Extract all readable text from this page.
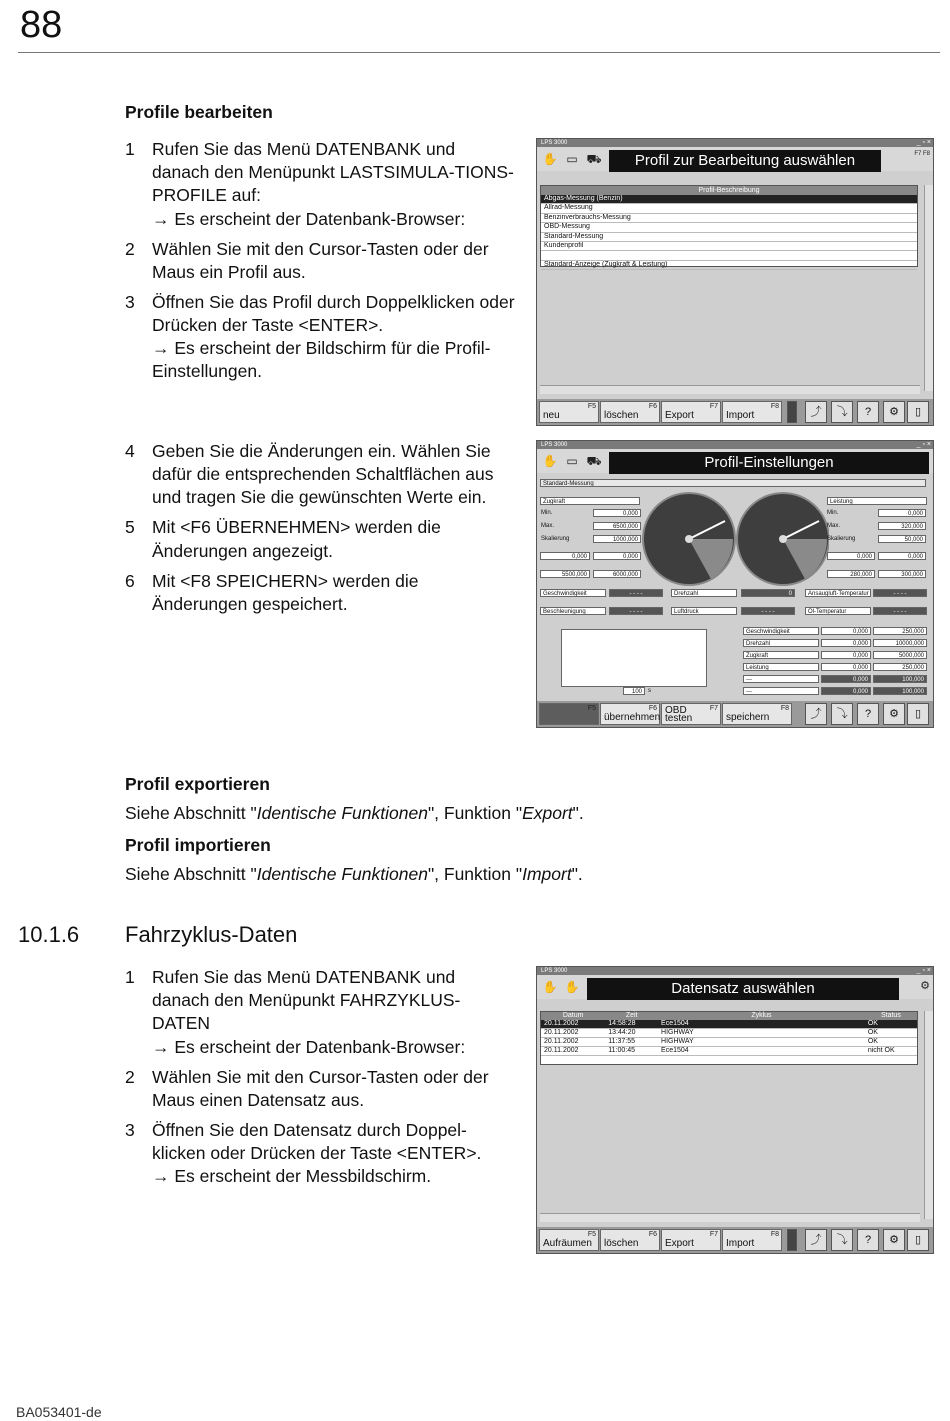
88
Profile bearbeiten
1 Rufen Sie das Menü DATENBANK und danach den Menüpunkt LASTSIMULA-TIONS-PROFILE auf:
→ Es erscheint der Datenbank-Browser:
2 Wählen Sie mit den Cursor-Tasten oder der Maus ein Profil aus.
3 Öffnen Sie das Profil durch Doppelklicken oder Drücken der Taste <ENTER>.
→ Es erscheint der Bildschirm für die Profil-Einstellungen.
LPS 3000	_ ▫ ×
✋ ▭ ⛟	Profil zur Bearbeitung auswählen	F7 F8
Profil-Beschreibung
Abgas-Messung (Benzin)
Allrad-Messung
Benzinverbrauchs-Messung
OBD-Messung
Standard-Messung
Kundenprofil
Standard-Anzeige (Zugkraft & Leistung)
neu
F5
löschen
F6
Export
F7
Import
F8	⤴	⤵	?	⚙	▯
4 Geben Sie die Änderungen ein. Wählen Sie dafür die entsprechenden Schaltflächen aus und tragen Sie die gewünschten Werte ein.
5 Mit <F6 ÜBERNEHMEN> werden die Änderungen angezeigt.
6 Mit <F8 SPEICHERN> werden die Änderungen gespeichert.
LPS 3000	_ ▫ ×
✋ ▭ ⛟	Profil-Einstellungen
Standard-Messung
Zugkraft
Min.	0,000
Max.	6500,000
Skalierung	1000,000
0,000	0,000
5500,000	6000,000
Leistung
Min.	0,000
Max.	320,000
Skalierung	50,000
0,000	0,000
280,000	300,000
Geschwindigkeit	- - - -	Drehzahl	0	Ansaugluft-Temperatur	- - - -
Beschleunigung	- - - -	Luftdruck	- - - -	Öl-Temperatur	- - - -
100	s
Geschwindigkeit	0,000	250,000
Drehzahl	0,000	10000,000
Zugkraft	0,000	5000,000
Leistung	0,000	250,000
---	0,000	100,000
---	0,000	100,000
F5
übernehmen
F6 OBD testen
F7
speichern
F8	⤴	⤵	?	⚙	▯
Profil exportieren
Siehe Abschnitt "Identische Funktionen", Funktion "Export".
Profil importieren
Siehe Abschnitt "Identische Funktionen", Funktion "Import".
10.1.6 Fahrzyklus-Daten
1 Rufen Sie das Menü DATENBANK und danach den Menüpunkt FAHRZYKLUS-DATEN
→ Es erscheint der Datenbank-Browser:
2 Wählen Sie mit den Cursor-Tasten oder der Maus einen Datensatz aus.
3 Öffnen Sie den Datensatz durch Doppel-klicken oder Drücken der Taste <ENTER>.
→ Es erscheint der Messbildschirm.
LPS 3000	_ ▫ ×
✋ ✋	Datensatz auswählen	⚙
Datum	Zeit	Zyklus	Status
20.11.2002	14:58:28	Ece1504	OK
20.11.2002	13:44:20	HIGHWAY	OK
20.11.2002	11:37:55	HIGHWAY	OK
20.11.2002	11:00:45	Ece1504	nicht OK
Aufräumen
F5
löschen
F6
Export
F7
Import
F8	⤴	⤵	?	⚙	▯
BA053401-de
